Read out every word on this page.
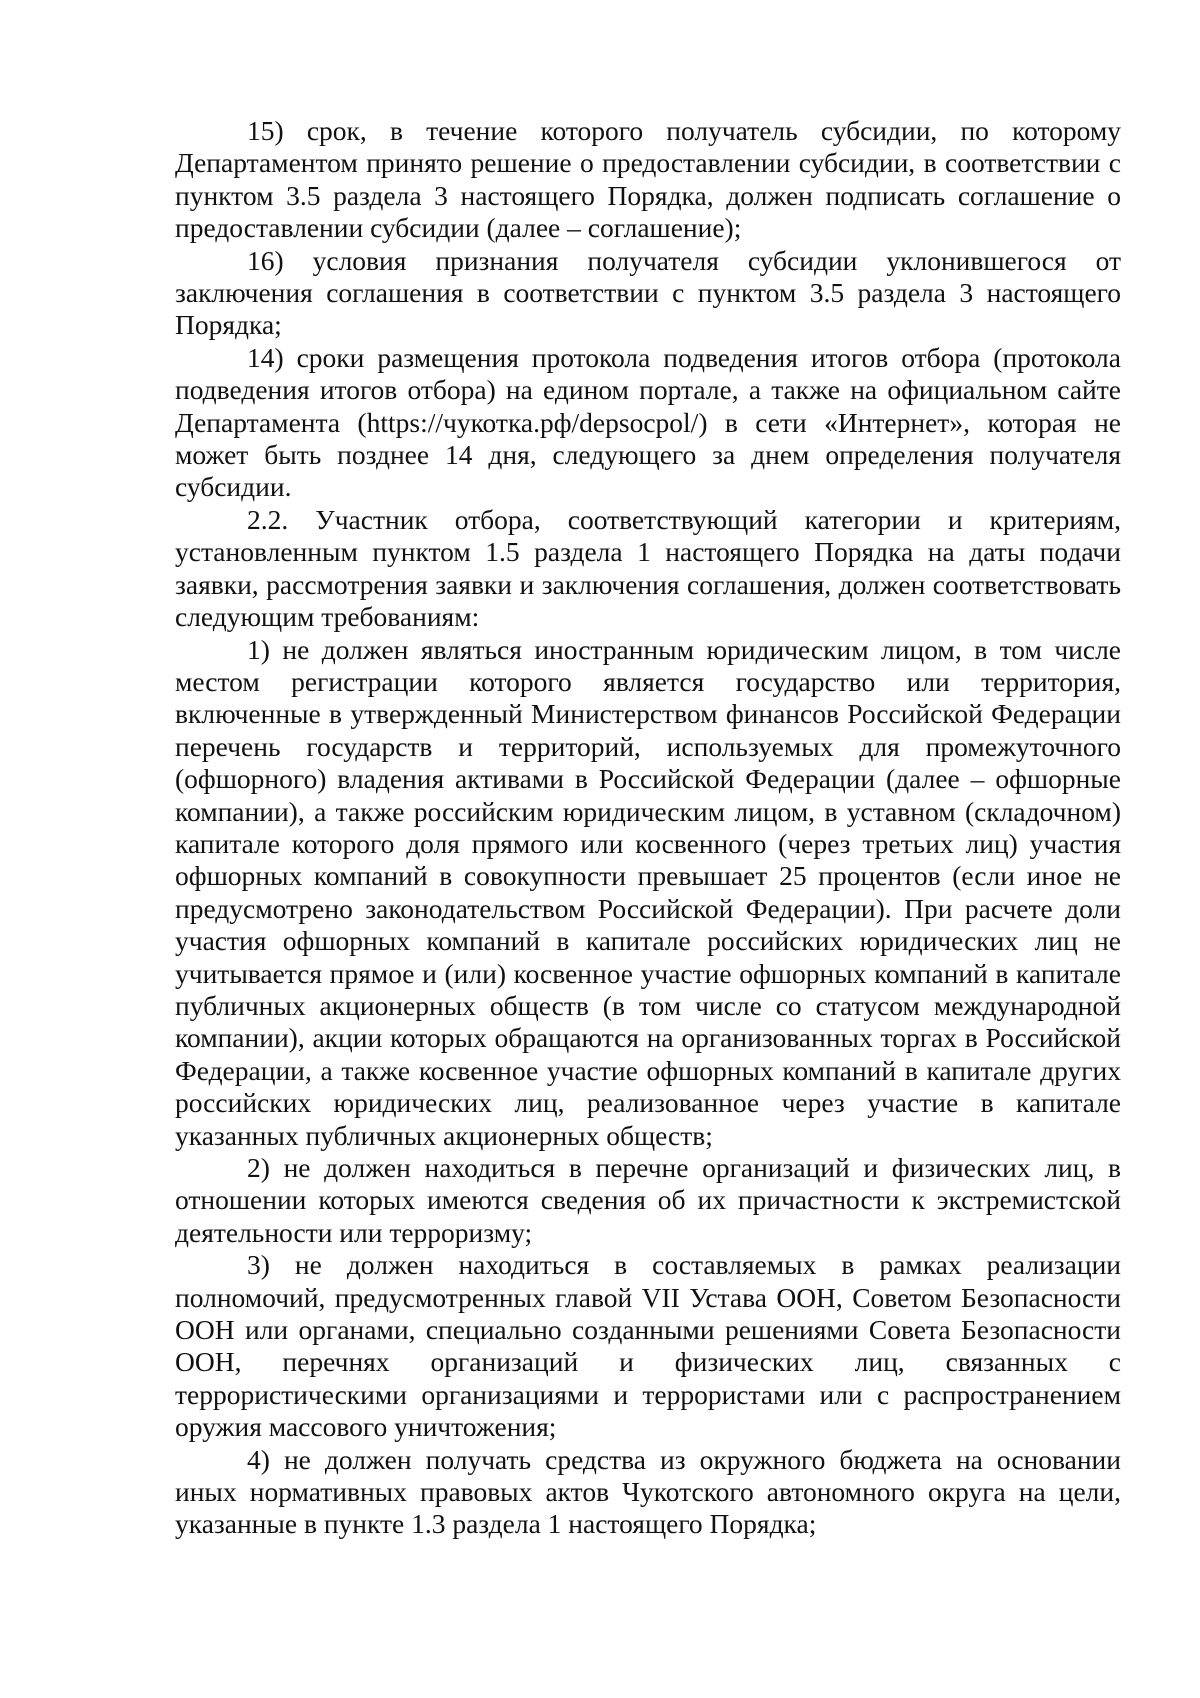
15) срок, в течение которого получатель субсидии, по которому Департаментом принято решение о предоставлении субсидии, в соответствии с пунктом 3.5 раздела 3 настоящего Порядка, должен подписать соглашение о предоставлении субсидии (далее – соглашение);

16) условия признания получателя субсидии уклонившегося от заключения соглашения в соответствии с пунктом 3.5 раздела 3 настоящего Порядка;

14) сроки размещения протокола подведения итогов отбора (протокола подведения итогов отбора) на едином портале, а также на официальном сайте Департамента (https://чукотка.рф/depsocpol/) в сети «Интернет», которая не может быть позднее 14 дня, следующего за днем определения получателя субсидии.

2.2. Участник отбора, соответствующий категории и критериям, установленным пунктом 1.5 раздела 1 настоящего Порядка на даты подачи заявки, рассмотрения заявки и заключения соглашения, должен соответствовать следующим требованиям:

1) не должен являться иностранным юридическим лицом, в том числе местом регистрации которого является государство или территория, включенные в утвержденный Министерством финансов Российской Федерации перечень государств и территорий, используемых для промежуточного (офшорного) владения активами в Российской Федерации (далее – офшорные компании), а также российским юридическим лицом, в уставном (складочном) капитале которого доля прямого или косвенного (через третьих лиц) участия офшорных компаний в совокупности превышает 25 процентов (если иное не предусмотрено законодательством Российской Федерации). При расчете доли участия офшорных компаний в капитале российских юридических лиц не учитывается прямое и (или) косвенное участие офшорных компаний в капитале публичных акционерных обществ (в том числе со статусом международной компании), акции которых обращаются на организованных торгах в Российской Федерации, а также косвенное участие офшорных компаний в капитале других российских юридических лиц, реализованное через участие в капитале указанных публичных акционерных обществ;

2) не должен находиться в перечне организаций и физических лиц, в отношении которых имеются сведения об их причастности к экстремистской деятельности или терроризму;

3) не должен находиться в составляемых в рамках реализации полномочий, предусмотренных главой VII Устава ООН, Советом Безопасности ООН или органами, специально созданными решениями Совета Безопасности ООН, перечнях организаций и физических лиц, связанных с террористическими организациями и террористами или с распространением оружия массового уничтожения;

4) не должен получать средства из окружного бюджета на основании иных нормативных правовых актов Чукотского автономного округа на цели, указанные в пункте 1.3 раздела 1 настоящего Порядка;
